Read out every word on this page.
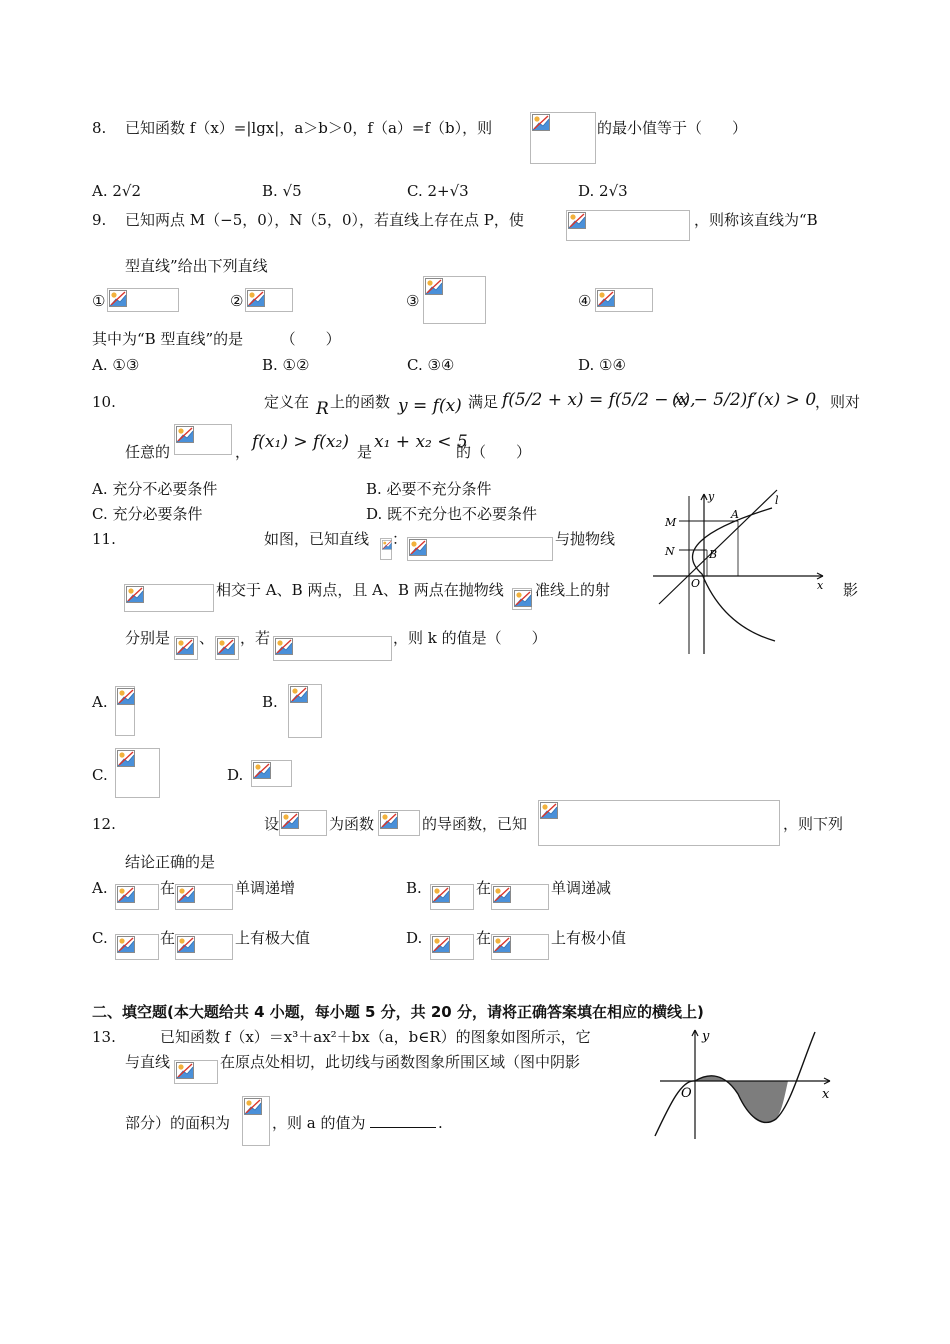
8. 已知函数 f（x）=|lgx|，a＞b＞0，f（a）=f（b），则	的最小值等于（　　）
A. 2√2	B. √5	C. 2+√3	D. 2√3
9. 已知两点 M（−5，0），N（5，0），若直线上存在点 P，使	，则称该直线为“B
型直线”给出下列直线
①	②	③	④
其中为“B 型直线”的是　　　（　　）
A. ①③	B. ①②	C. ③④	D. ①④
10.	定义在 R 上的函数 y = f(x) 满足 f(5/2 + x) = f(5/2 − x),
(x − 5/2)f′(x) > 0
，则对
任意的	， f(x₁) > f(x₂) 是 x₁ + x₂ < 5
的（　　）
A. 充分不必要条件	B. 必要不充分条件
C. 充分必要条件	D. 既不充分也不必要条件
y
x
l
M
N
A
B
O
11.	如图，已知直线 ：	与抛物线
相交于 A、B 两点，且 A、B 两点在抛物线 准线上的射	影
分别是 、 ，若	，则 k 的值是（　　）
A.	B.
C.	D.
12.	设	为函数	的导函数，已知	，则下列
结论正确的是
A.	在	单调递增	B.	在	单调递减
C.	在	上有极大值	D.	在	上有极小值
二、填空题(本大题给共 4 小题，每小题 5 分，共 20 分，请将正确答案填在相应的横线上)
13.	已知函数 f（x）＝x³＋ax²＋bx（a，b∈R）的图象如图所示，它
与直线	在原点处相切，此切线与函数图象所围区域（图中阴影
部分）的面积为	，则 a 的值为	.
y
x
O
